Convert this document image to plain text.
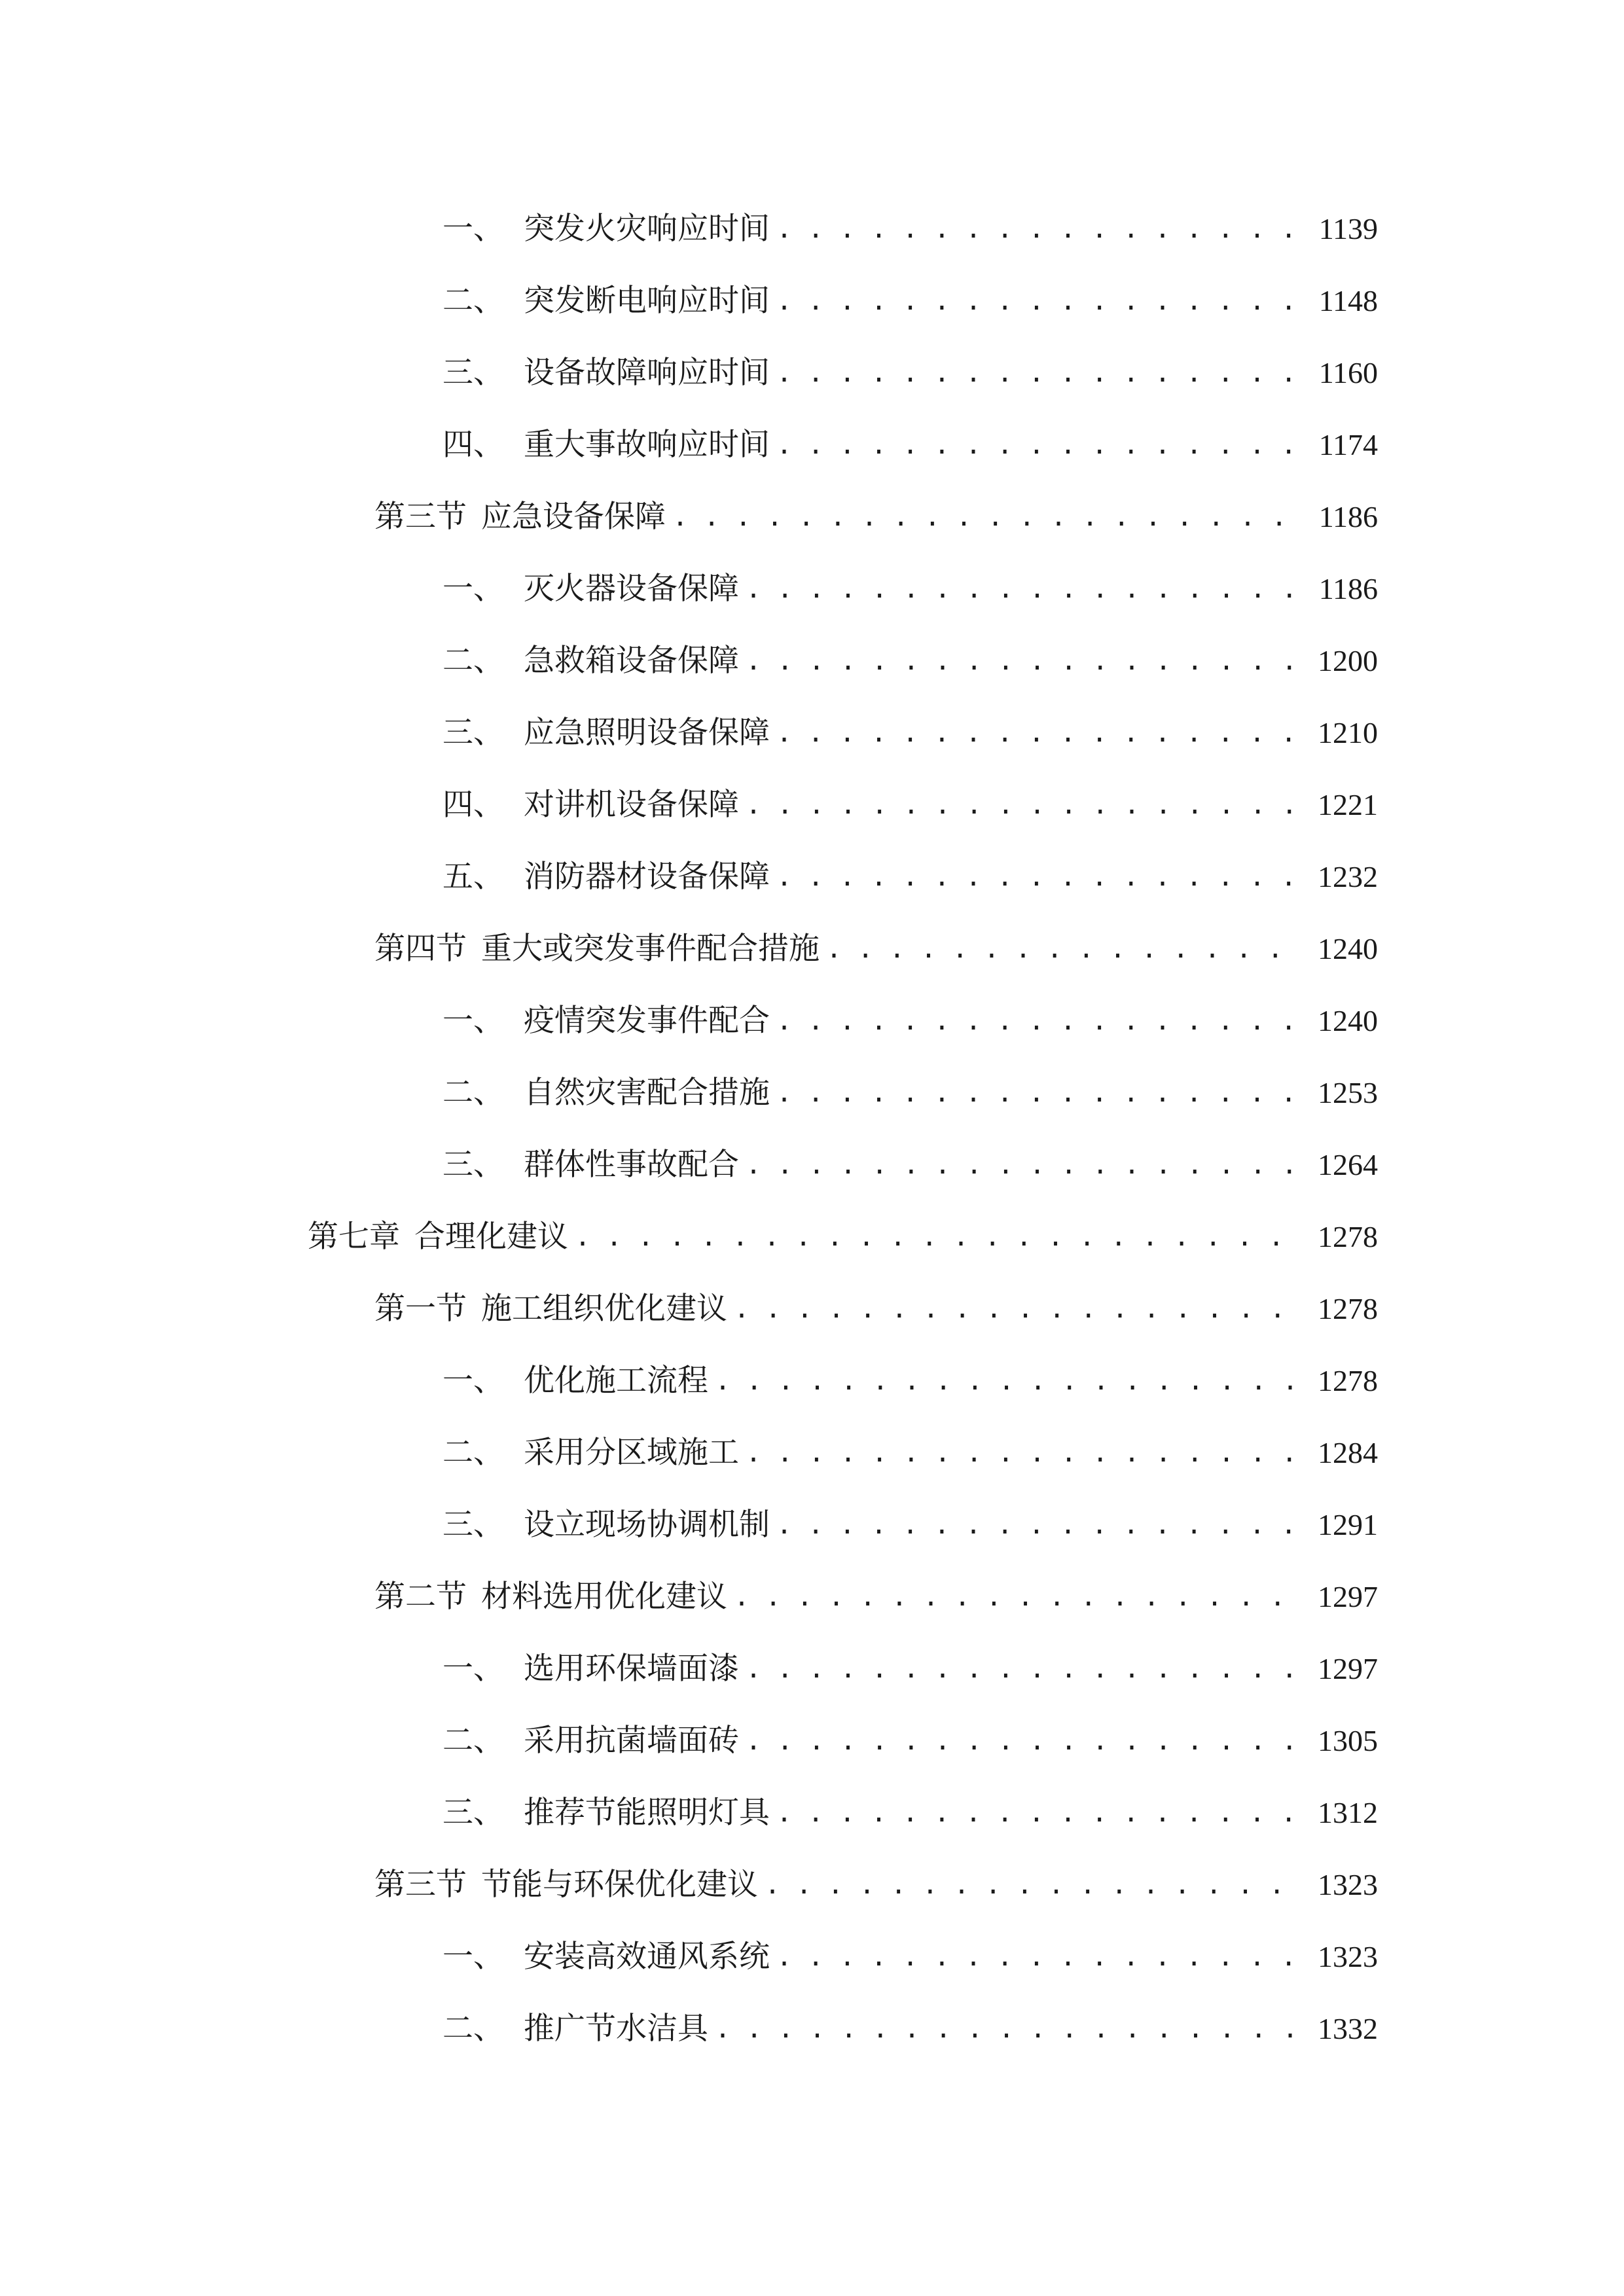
一、 突发火灾响应时间 . . .	1139
二、 突发断电响应时间 . . .	1148
三、 设备故障响应时间 . . .	1160
四、 重大事故响应时间 . . .	1174
第三节 应急设备保障 . . .	1186
一、 灭火器设备保障 . . .	1186
二、 急救箱设备保障 . . .	1200
三、 应急照明设备保障 . . .	1210
四、 对讲机设备保障 . . .	1221
五、 消防器材设备保障 . . .	1232
第四节 重大或突发事件配合措施 . . .	1240
一、 疫情突发事件配合 . . .	1240
二、 自然灾害配合措施 . . .	1253
三、 群体性事故配合 . . .	1264
第七章 合理化建议 . . .	1278
第一节 施工组织优化建议 . . .	1278
一、 优化施工流程 . . .	1278
二、 采用分区域施工 . . .	1284
三、 设立现场协调机制 . . .	1291
第二节 材料选用优化建议 . . .	1297
一、 选用环保墙面漆 . . .	1297
二、 采用抗菌墙面砖 . . .	1305
三、 推荐节能照明灯具 . . .	1312
第三节 节能与环保优化建议 . . .	1323
一、 安装高效通风系统 . . .	1323
二、 推广节水洁具 . . .	1332
